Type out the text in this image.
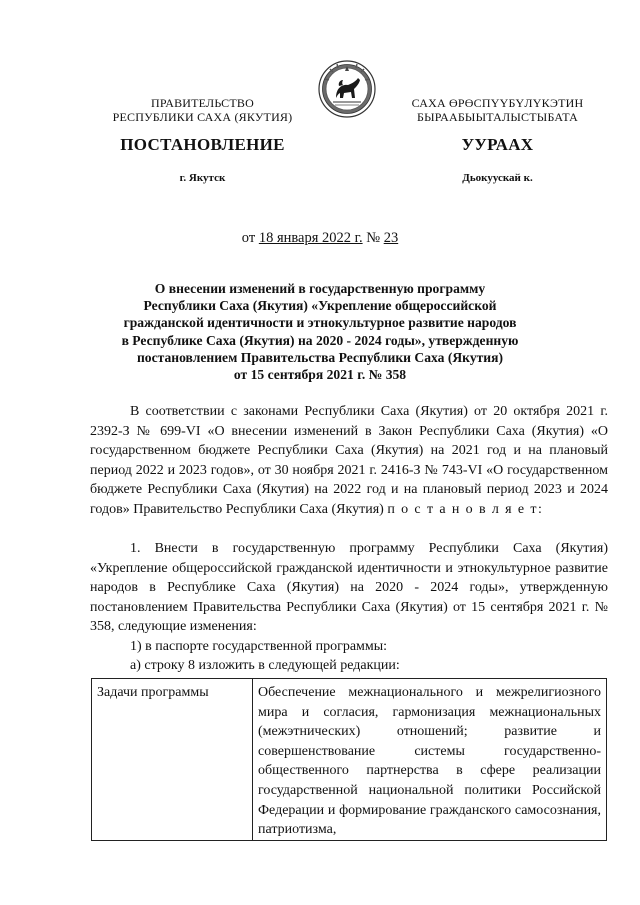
ПРАВИТЕЛЬСТВО
РЕСПУБЛИКИ САХА (ЯКУТИЯ)
САХА ӨРӨСПҮҮБҮЛҮКЭТИН
БЫРААБЫЫТАЛЫСТЫБАТА
ПОСТАНОВЛЕНИЕ	УУРААХ
г. Якутск	Дьокуускай к.
от 18 января 2022 г. № 23
О внесении изменений в государственную программу
Республики Саха (Якутия) «Укрепление общероссийской
гражданской идентичности и этнокультурное развитие народов
в Республике Саха (Якутия) на 2020 - 2024 годы», утвержденную
постановлением Правительства Республики Саха (Якутия)
от 15 сентября 2021 г. № 358
В соответствии с законами Республики Саха (Якутия) от 20 октября 2021 г. 2392-З № 699-VI «О внесении изменений в Закон Республики Саха (Якутия) «О государственном бюджете Республики Саха (Якутия) на 2021 год и на плановый период 2022 и 2023 годов», от 30 ноября 2021 г. 2416-З № 743-VI «О государственном бюджете Республики Саха (Якутия) на 2022 год и на плановый период 2023 и 2024 годов» Правительство Республики Саха (Якутия) п о с т а н о в л я е т:
1. Внести в государственную программу Республики Саха (Якутия) «Укрепление общероссийской гражданской идентичности и этнокультурное развитие народов в Республике Саха (Якутия) на 2020 - 2024 годы», утвержденную постановлением Правительства Республики Саха (Якутия) от 15 сентября 2021 г. № 358, следующие изменения:
1) в паспорте государственной программы:
а) строку 8 изложить в следующей редакции:
Задачи программы	Обеспечение межнационального и межрелигиозного мира и согласия, гармонизация межнациональных (межэтнических) отношений; развитие и совершенствование системы государственно-общественного партнерства в сфере реализации государственной национальной политики Российской Федерации и формирование гражданского самосознания, патриотизма,
